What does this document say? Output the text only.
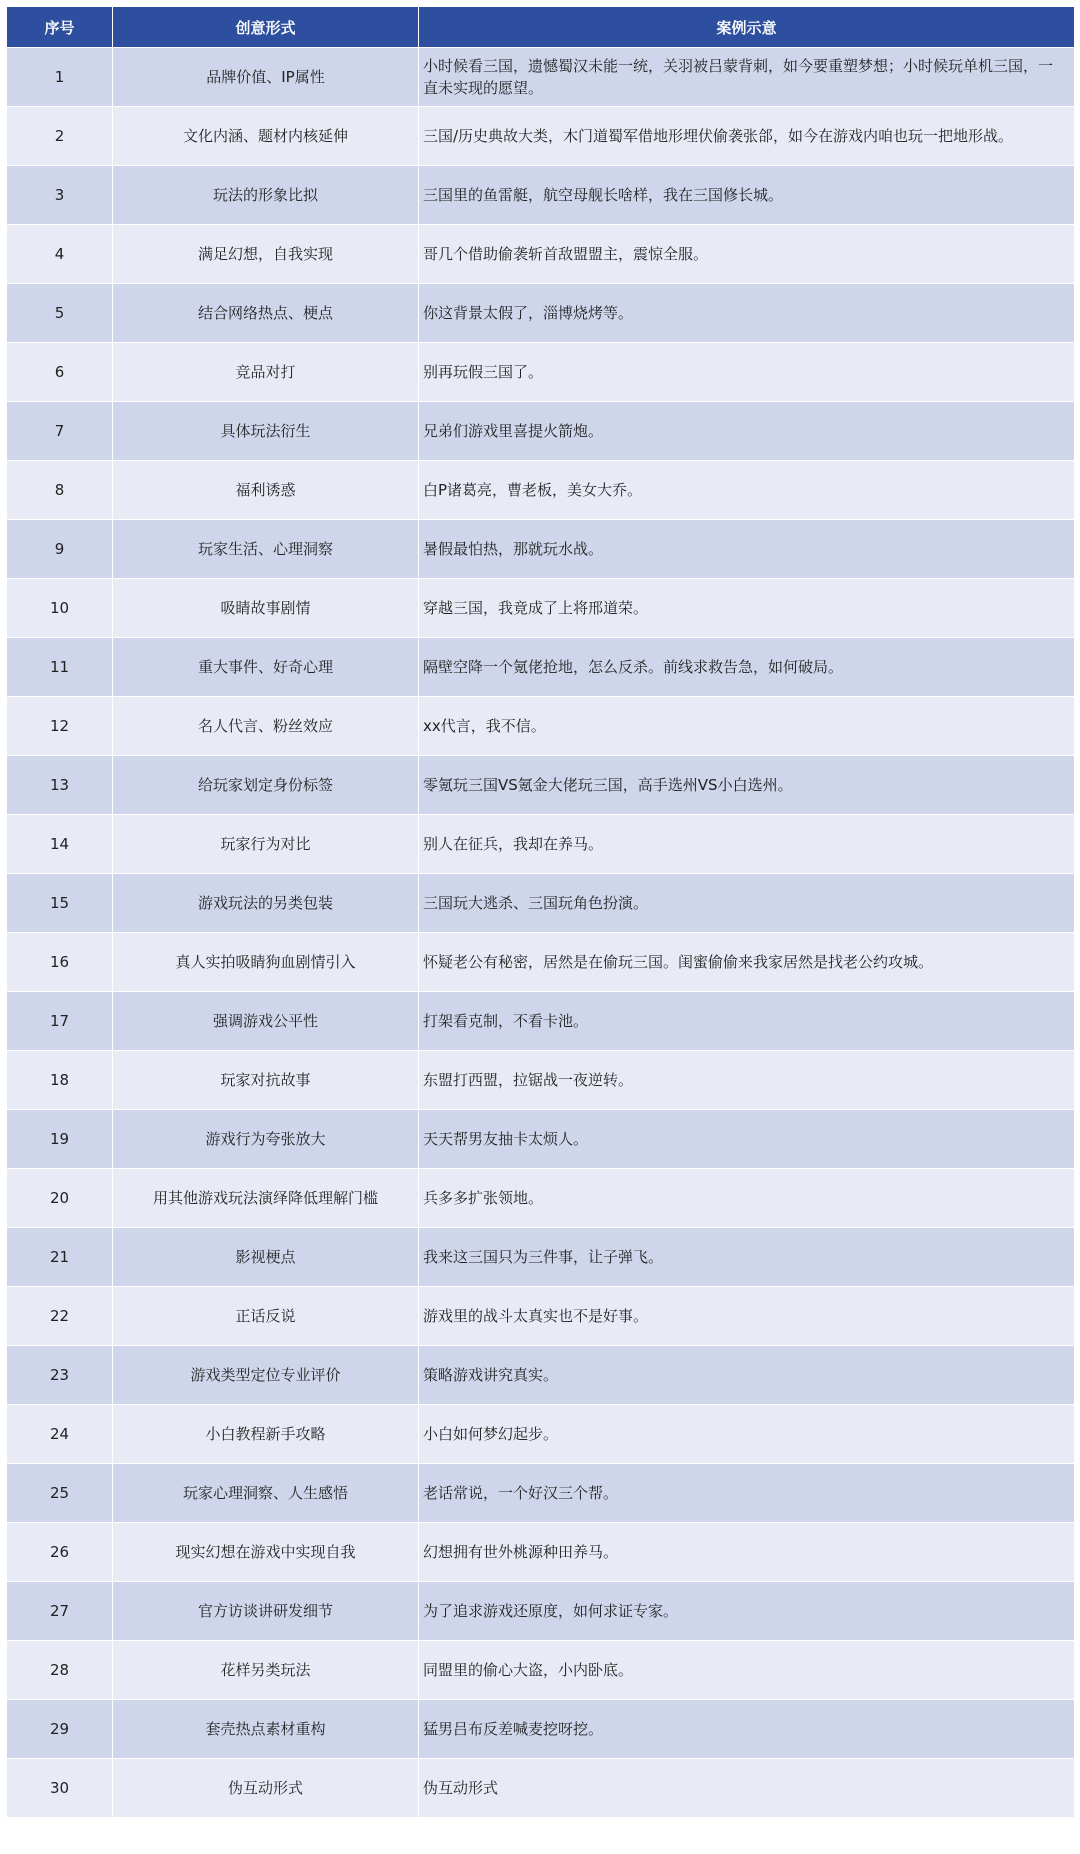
序号	创意形式	案例示意
1	品牌价值、IP属性	小时候看三国，遗憾蜀汉未能一统，关羽被吕蒙背刺，如今要重塑梦想；小时候玩单机三国，一直未实现的愿望。
2	文化内涵、题材内核延伸	三国/历史典故大类，木门道蜀军借地形埋伏偷袭张郃，如今在游戏内咱也玩一把地形战。
3	玩法的形象比拟	三国里的鱼雷艇，航空母舰长啥样，我在三国修长城。
4	满足幻想，自我实现	哥几个借助偷袭斩首敌盟盟主，震惊全服。
5	结合网络热点、梗点	你这背景太假了，淄博烧烤等。
6	竞品对打	别再玩假三国了。
7	具体玩法衍生	兄弟们游戏里喜提火箭炮。
8	福利诱惑	白P诸葛亮，曹老板，美女大乔。
9	玩家生活、心理洞察	暑假最怕热，那就玩水战。
10	吸睛故事剧情	穿越三国，我竟成了上将邢道荣。
11	重大事件、好奇心理	隔壁空降一个氪佬抢地，怎么反杀。前线求救告急，如何破局。
12	名人代言、粉丝效应	xx代言，我不信。
13	给玩家划定身份标签	零氪玩三国VS氪金大佬玩三国，高手选州VS小白选州。
14	玩家行为对比	别人在征兵，我却在养马。
15	游戏玩法的另类包装	三国玩大逃杀、三国玩角色扮演。
16	真人实拍吸睛狗血剧情引入	怀疑老公有秘密，居然是在偷玩三国。闺蜜偷偷来我家居然是找老公约攻城。
17	强调游戏公平性	打架看克制，不看卡池。
18	玩家对抗故事	东盟打西盟，拉锯战一夜逆转。
19	游戏行为夸张放大	天天帮男友抽卡太烦人。
20	用其他游戏玩法演绎降低理解门槛	兵多多扩张领地。
21	影视梗点	我来这三国只为三件事，让子弹飞。
22	正话反说	游戏里的战斗太真实也不是好事。
23	游戏类型定位专业评价	策略游戏讲究真实。
24	小白教程新手攻略	小白如何梦幻起步。
25	玩家心理洞察、人生感悟	老话常说，一个好汉三个帮。
26	现实幻想在游戏中实现自我	幻想拥有世外桃源种田养马。
27	官方访谈讲研发细节	为了追求游戏还原度，如何求证专家。
28	花样另类玩法	同盟里的偷心大盗，小内卧底。
29	套壳热点素材重构	猛男吕布反差喊麦挖呀挖。
30	伪互动形式	伪互动形式
